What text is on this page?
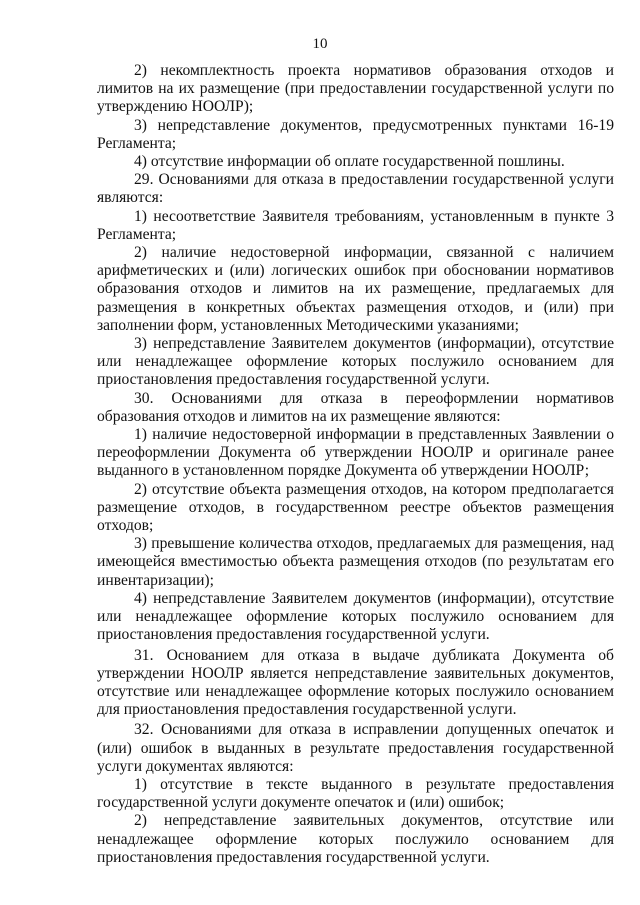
10

2) некомплектность проекта нормативов образования отходов и лимитов на их размещение (при предоставлении государственной услуги по утверждению НООЛР);

3) непредставление документов, предусмотренных пунктами 16-19 Регламента;

4) отсутствие информации об оплате государственной пошлины.

29. Основаниями для отказа в предоставлении государственной услуги являются:

1) несоответствие Заявителя требованиям, установленным в пункте 3 Регламента;

2) наличие недостоверной информации, связанной с наличием арифметических и (или) логических ошибок при обосновании нормативов образования отходов и лимитов на их размещение, предлагаемых для размещения в конкретных объектах размещения отходов, и (или) при заполнении форм, установленных Методическими указаниями;

3) непредставление Заявителем документов (информации), отсутствие или ненадлежащее оформление которых послужило основанием для приостановления предоставления государственной услуги.

30. Основаниями для отказа в переоформлении нормативов образования отходов и лимитов на их размещение являются:

1) наличие недостоверной информации в представленных Заявлении о переоформлении Документа об утверждении НООЛР и оригинале ранее выданного в установленном порядке Документа об утверждении НООЛР;

2) отсутствие объекта размещения отходов, на котором предполагается размещение отходов, в государственном реестре объектов размещения отходов;

3) превышение количества отходов, предлагаемых для размещения, над имеющейся вместимостью объекта размещения отходов (по результатам его инвентаризации);

4) непредставление Заявителем документов (информации), отсутствие или ненадлежащее оформление которых послужило основанием для приостановления предоставления государственной услуги.

31. Основанием для отказа в выдаче дубликата Документа об утверждении НООЛР является непредставление заявительных документов, отсутствие или ненадлежащее оформление которых послужило основанием для приостановления предоставления государственной услуги.

32. Основаниями для отказа в исправлении допущенных опечаток и (или) ошибок в выданных в результате предоставления государственной услуги документах являются:

1) отсутствие в тексте выданного в результате предоставления государственной услуги документе опечаток и (или) ошибок;

2) непредставление заявительных документов, отсутствие или ненадлежащее оформление которых послужило основанием для приостановления предоставления государственной услуги.
